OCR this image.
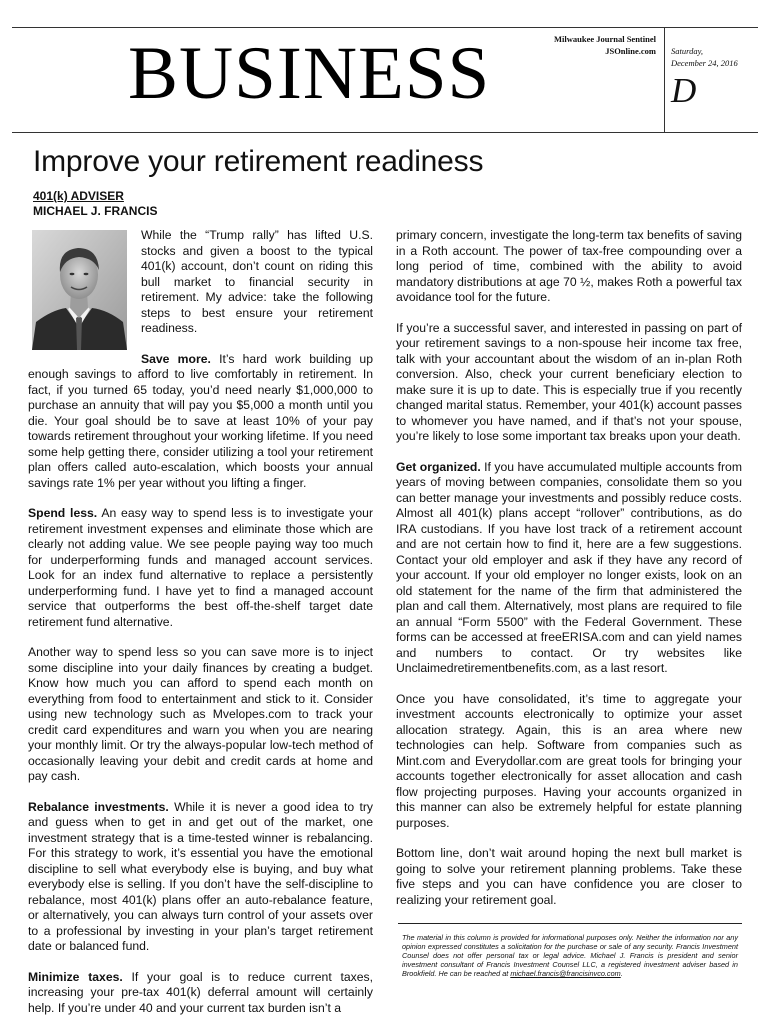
BUSINESS	Milwaukee Journal Sentinel
JSOnline.com Saturday,
December 24, 2016
D
Improve your retirement readiness
401(k) ADVISER
MICHAEL J. FRANCIS

While the “Trump rally” has lifted U.S. stocks and given a boost to the typical 401(k) account, don’t count on riding this bull market to financial security in retirement. My advice: take the following steps to best ensure your retirement readiness.

Save more. It’s hard work building up enough savings to afford to live comfortably in retirement. In fact, if you turned 65 today, you’d need nearly $1,000,000 to purchase an annuity that will pay you $5,000 a month until you die. Your goal should be to save at least 10% of your pay towards retirement throughout your working lifetime. If you need some help getting there, consider utilizing a tool your retirement plan offers called auto-escalation, which boosts your annual savings rate 1% per year without you lifting a finger.

Spend less. An easy way to spend less is to investigate your retirement investment expenses and eliminate those which are clearly not adding value. We see people paying way too much for underperforming funds and managed account services. Look for an index fund alternative to replace a persistently underperforming fund. I have yet to find a managed account service that outperforms the best off-the-shelf target date retirement fund alternative.

Another way to spend less so you can save more is to inject some discipline into your daily finances by creating a budget. Know how much you can afford to spend each month on everything from food to entertainment and stick to it. Consider using new technology such as Mvelopes.com to track your credit card expenditures and warn you when you are nearing your monthly limit. Or try the always-popular low-tech method of occasionally leaving your debit and credit cards at home and pay cash.

Rebalance investments. While it is never a good idea to try and guess when to get in and get out of the market, one investment strategy that is a time-tested winner is rebalancing. For this strategy to work, it’s essential you have the emotional discipline to sell what everybody else is buying, and buy what everybody else is selling. If you don’t have the self-discipline to rebalance, most 401(k) plans offer an auto-rebalance feature, or alternatively, you can always turn control of your assets over to a professional by investing in your plan’s target retirement date or balanced fund.

Minimize taxes. If your goal is to reduce current taxes, increasing your pre-tax 401(k) deferral amount will certainly help. If you’re under 40 and your current tax burden isn’t a

primary concern, investigate the long-term tax benefits of saving in a Roth account. The power of tax-free compounding over a long period of time, combined with the ability to avoid mandatory distributions at age 70 ½, makes Roth a powerful tax avoidance tool for the future.

If you’re a successful saver, and interested in passing on part of your retirement savings to a non-spouse heir income tax free, talk with your accountant about the wisdom of an in-plan Roth conversion. Also, check your current beneficiary election to make sure it is up to date. This is especially true if you recently changed marital status. Remember, your 401(k) account passes to whomever you have named, and if that’s not your spouse, you’re likely to lose some important tax breaks upon your death.

Get organized. If you have accumulated multiple accounts from years of moving between companies, consolidate them so you can better manage your investments and possibly reduce costs. Almost all 401(k) plans accept “rollover” contributions, as do IRA custodians. If you have lost track of a retirement account and are not certain how to find it, here are a few suggestions. Contact your old employer and ask if they have any record of your account. If your old employer no longer exists, look on an old statement for the name of the firm that administered the plan and call them. Alternatively, most plans are required to file an annual “Form 5500” with the Federal Government. These forms can be accessed at freeERISA.com and can yield names and numbers to contact. Or try websites like Unclaimedretirementbenefits.com, as a last resort.

Once you have consolidated, it’s time to aggregate your investment accounts electronically to optimize your asset allocation strategy. Again, this is an area where new technologies can help. Software from companies such as Mint.com and Everydollar.com are great tools for bringing your accounts together electronically for asset allocation and cash flow projecting purposes. Having your accounts organized in this manner can also be extremely helpful for estate planning purposes.

Bottom line, don’t wait around hoping the next bull market is going to solve your retirement planning problems. Take these five steps and you can have confidence you are closer to realizing your retirement goal.

The material in this column is provided for informational purposes only. Neither the information nor any opinion expressed constitutes a solicitation for the purchase or sale of any security. Francis Investment Counsel does not offer personal tax or legal advice. Michael J. Francis is president and senior investment consultant of Francis Investment Counsel LLC, a registered investment adviser based in Brookfield. He can be reached at michael.francis@francisinvco.com.
